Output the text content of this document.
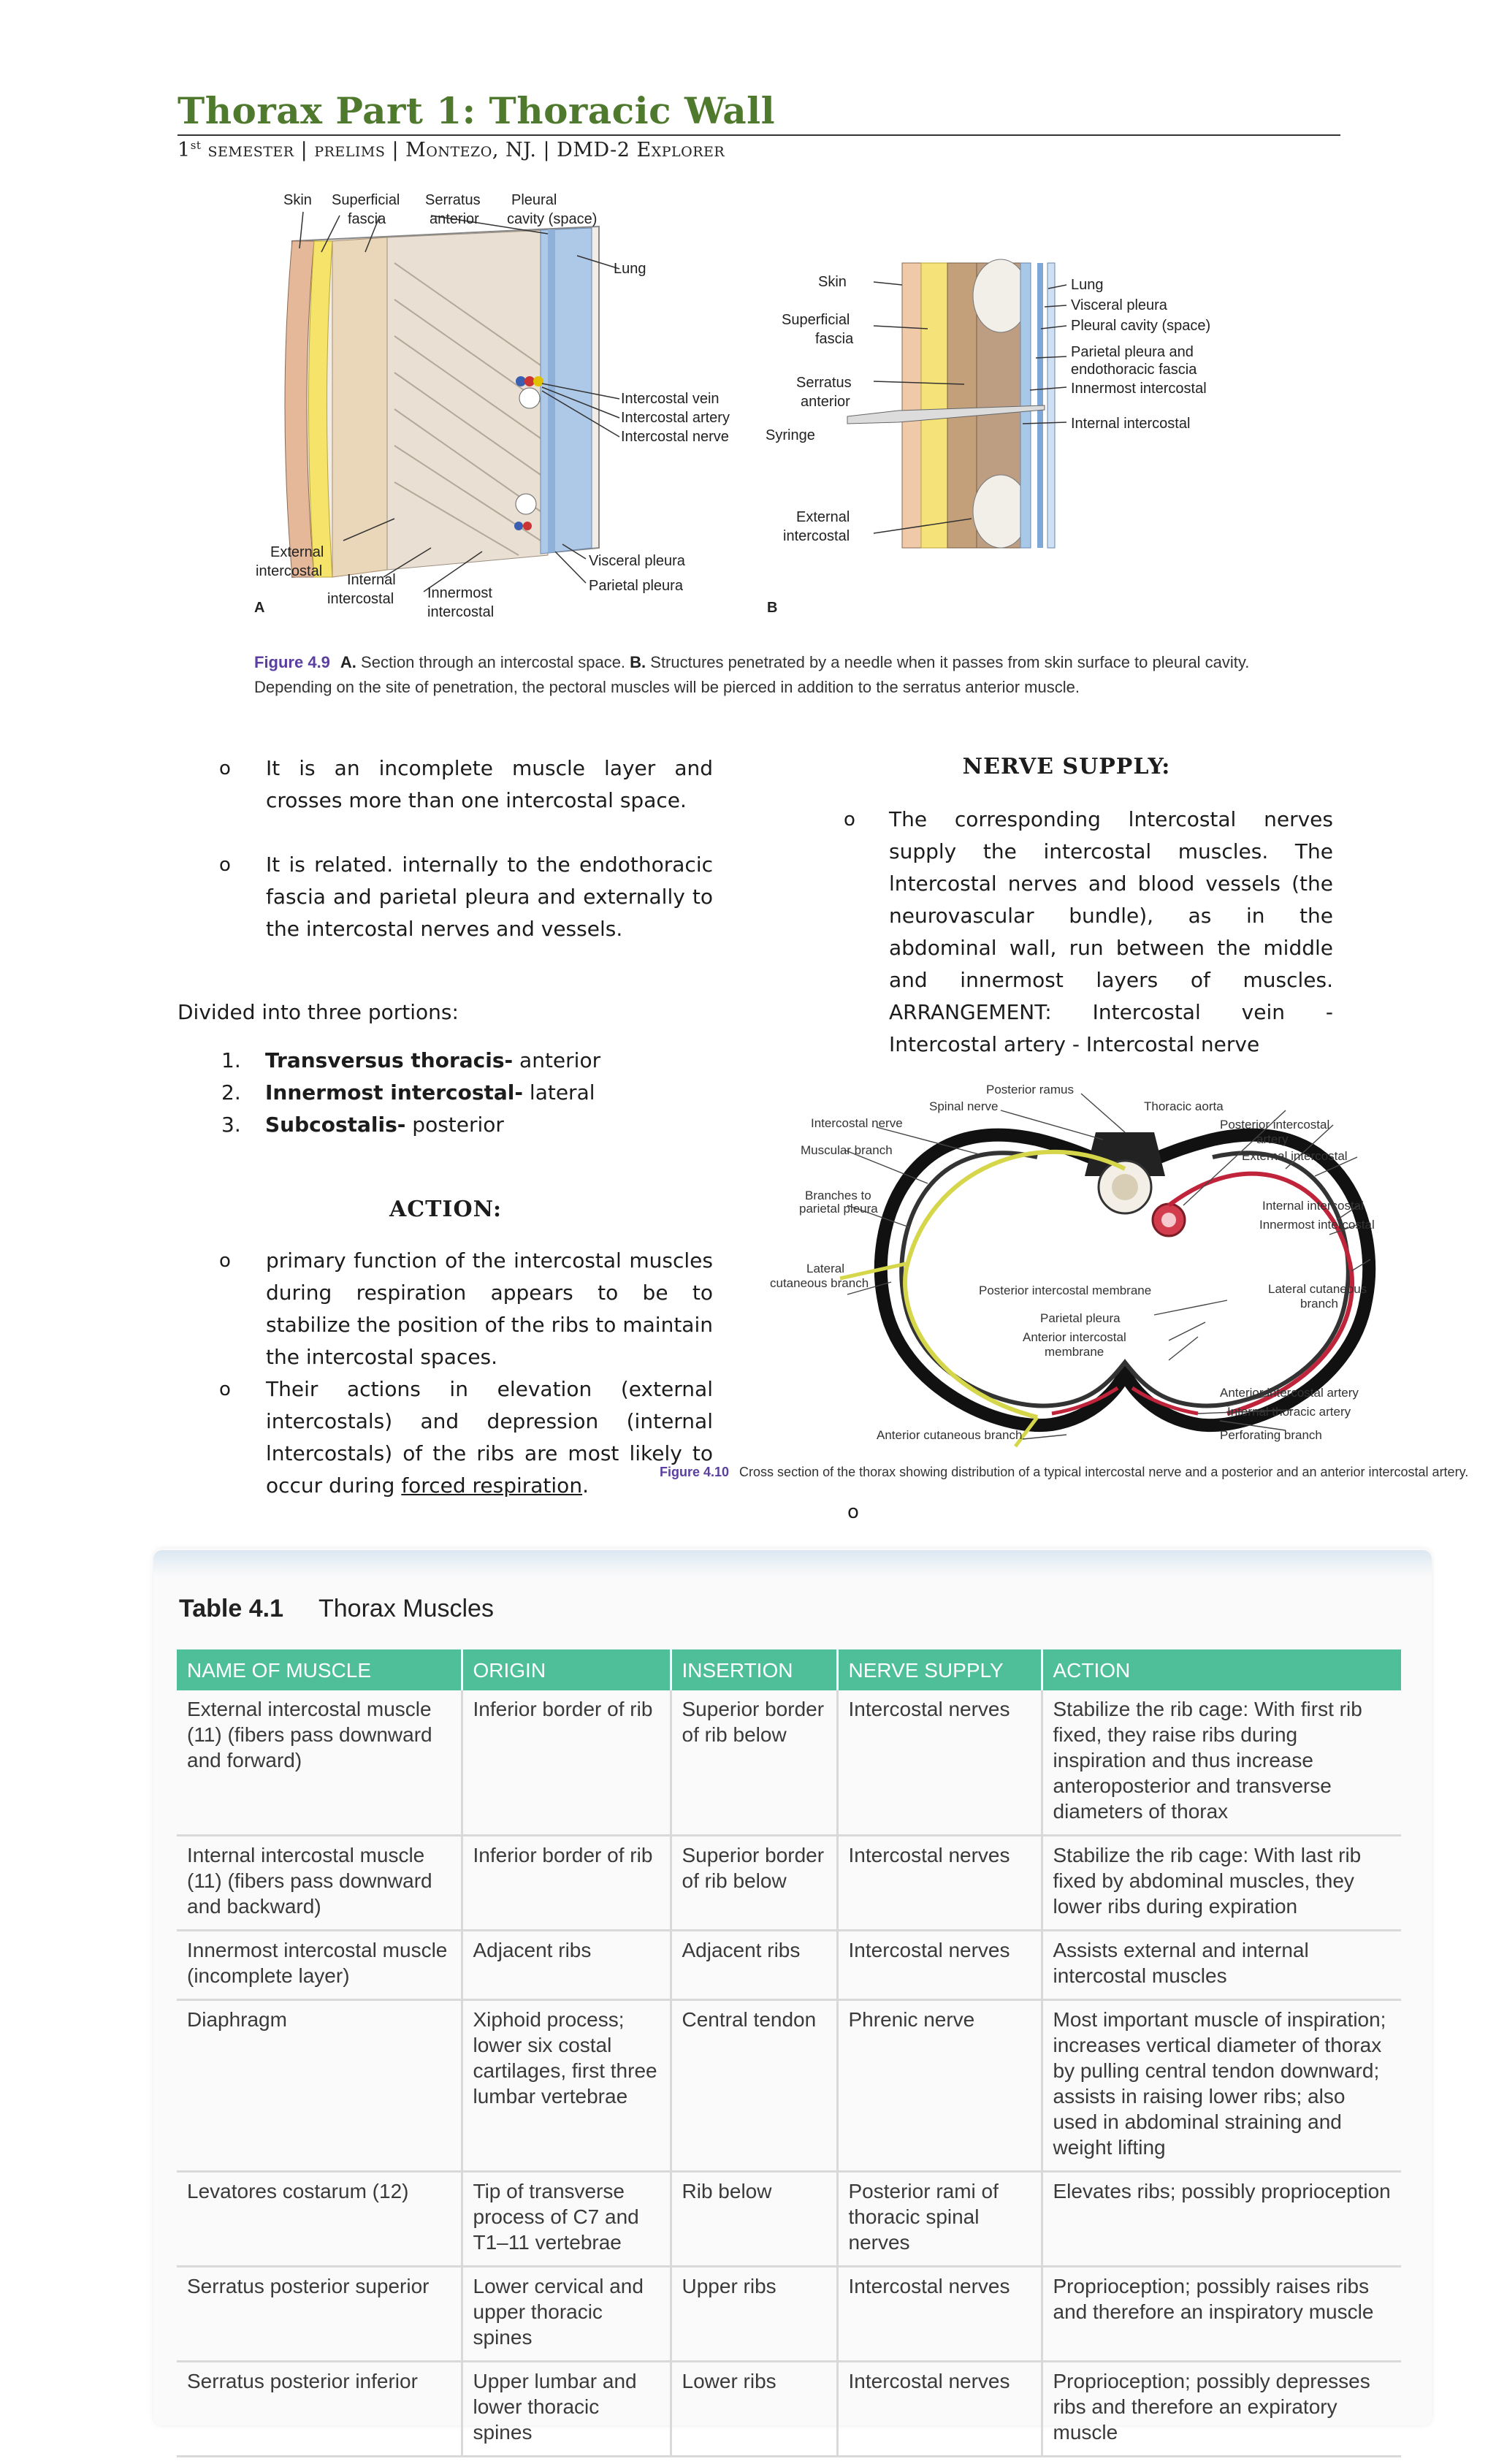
Thorax Part 1: Thoracic Wall
1st semester | prelims | Montezo, NJ. | DMD-2 Explorer
Skin Superficial
fascia
Serratus
anterior
Pleural
cavity (space)
Lung
Intercostal vein
Intercostal artery
Intercostal nerve
External
intercostal
Internal
intercostal Innermost
intercostal
Visceral pleura
Parietal pleura
A
Skin
Superficial
fascia
Serratus
anterior
Syringe
External
intercostal
Lung
Visceral pleura
Pleural cavity (space)
Parietal pleura and
endothoracic fascia
Innermost intercostal
Internal intercostal
B
Figure 4.9 A. Section through an intercostal space. B. Structures penetrated by a needle when it passes from skin surface to pleural cavity. Depending on the site of penetration, the pectoral muscles will be pierced in addition to the serratus anterior muscle.
o It is an incomplete muscle layer and crosses more than one intercostal space.
o It is related. internally to the endothoracic fascia and parietal pleura and externally to the intercostal nerves and vessels.
Divided into three portions:
1. Transversus thoracis- anterior
2. Innermost intercostal- lateral
3. Subcostalis- posterior
ACTION:
o primary function of the intercostal muscles during respiration appears to be to stabilize the position of the ribs to maintain the intercostal spaces.
o Their actions in elevation (external intercostals) and depression (internal lntercostals) of the ribs are most likely to occur during forced respiration.
NERVE SUPPLY:
o The corresponding lntercostal nerves supply the intercostal muscles. The lntercostal nerves and blood vessels (the neurovascular bundle), as in the abdominal wall, run between the middle and innermost layers of muscles. ARRANGEMENT: Intercostal vein - Intercostal artery - Intercostal nerve
Posterior ramus
Spinal nerve	Thoracic aorta
Intercostal nerve	Posterior intercostal
artery
Muscular branch	External intercostal
Branches to
parietal pleura	Internal intercostal
Innermost intercostal
Lateral
cutaneous branch
Posterior intercostal membrane	Lateral cutaneous
branch
Parietal pleura
Anterior intercostal
membrane
Anterior intercostal artery
Internal thoracic artery
Anterior cutaneous branch	Perforating branch
Figure 4.10 Cross section of the thorax showing distribution of a typical intercostal nerve and a posterior and an anterior intercostal artery.
o
Table 4.1 Thorax Muscles
NAME OF MUSCLE	ORIGIN	INSERTION	NERVE SUPPLY	ACTION
External intercostal muscle (11) (fibers pass downward and forward)	Inferior border of rib	Superior border of rib below	Intercostal nerves	Stabilize the rib cage: With first rib fixed, they raise ribs during inspiration and thus increase anteroposterior and transverse diameters of thorax
Internal intercostal muscle (11) (fibers pass downward and backward)	Inferior border of rib	Superior border of rib below	Intercostal nerves	Stabilize the rib cage: With last rib fixed by abdominal muscles, they lower ribs during expiration
Innermost intercostal muscle (incomplete layer)	Adjacent ribs	Adjacent ribs	Intercostal nerves	Assists external and internal intercostal muscles
Diaphragm	Xiphoid process; lower six costal cartilages, first three lumbar vertebrae	Central tendon	Phrenic nerve	Most important muscle of inspiration; increases vertical diameter of thorax by pulling central tendon downward; assists in raising lower ribs; also used in abdominal straining and weight lifting
Levatores costarum (12)	Tip of transverse process of C7 and T1–11 vertebrae	Rib below	Posterior rami of thoracic spinal nerves	Elevates ribs; possibly proprioception
Serratus posterior superior	Lower cervical and upper thoracic spines	Upper ribs	Intercostal nerves	Proprioception; possibly raises ribs and therefore an inspiratory muscle
Serratus posterior inferior	Upper lumbar and lower thoracic spines	Lower ribs	Intercostal nerves	Proprioception; possibly depresses ribs and therefore an expiratory muscle
